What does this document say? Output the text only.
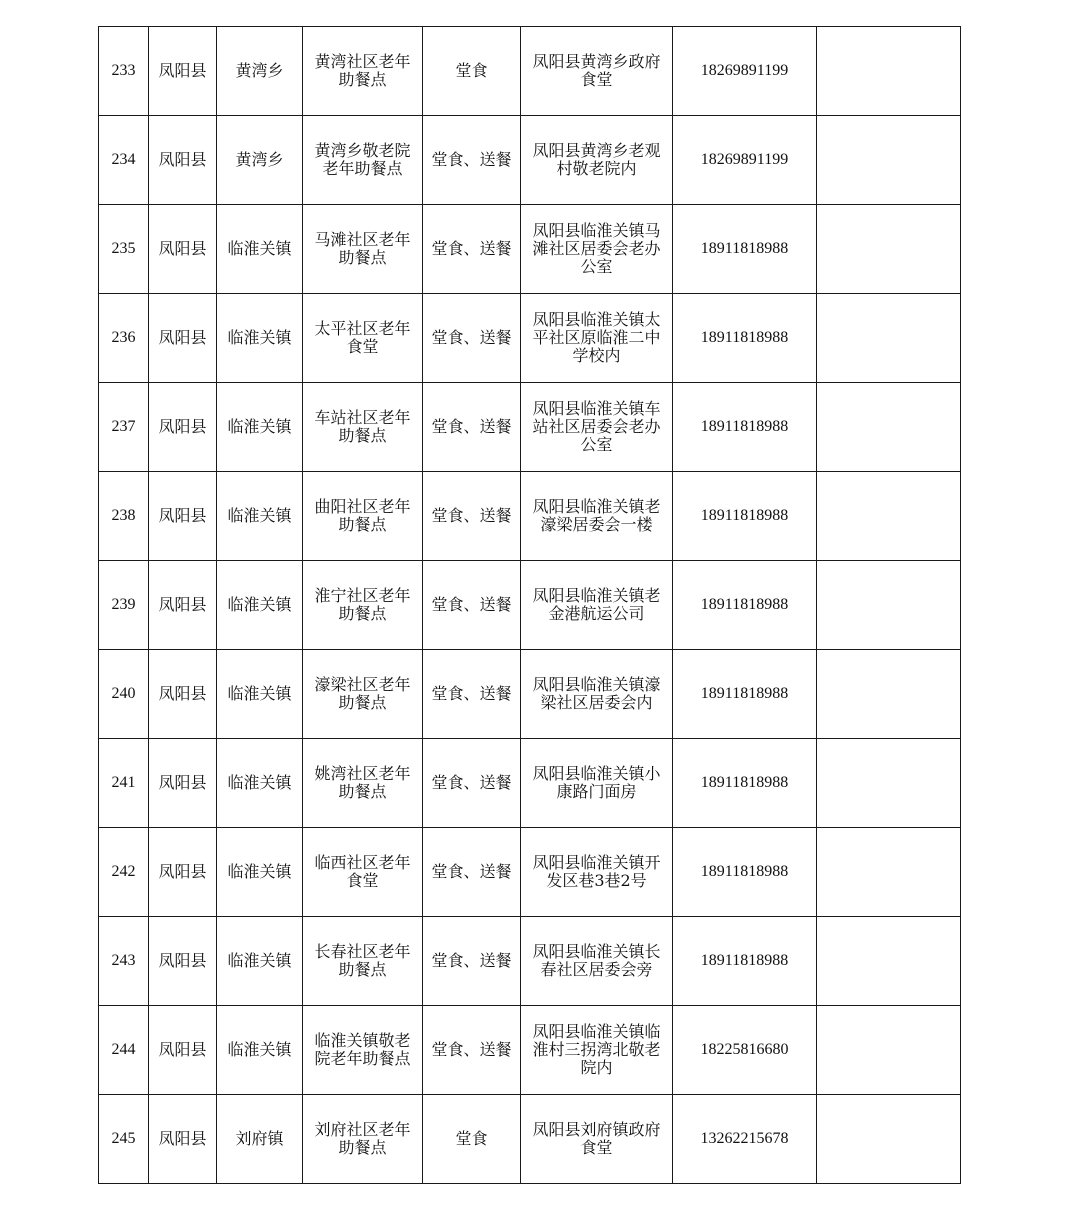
233	凤阳县	黄湾乡	黄湾社区老年助餐点	堂食	凤阳县黄湾乡政府食堂	18269891199	
234	凤阳县	黄湾乡	黄湾乡敬老院老年助餐点	堂食、送餐	凤阳县黄湾乡老观村敬老院内	18269891199	
235	凤阳县	临淮关镇	马滩社区老年助餐点	堂食、送餐	凤阳县临淮关镇马滩社区居委会老办公室	18911818988	
236	凤阳县	临淮关镇	太平社区老年食堂	堂食、送餐	凤阳县临淮关镇太平社区原临淮二中学校内	18911818988	
237	凤阳县	临淮关镇	车站社区老年助餐点	堂食、送餐	凤阳县临淮关镇车站社区居委会老办公室	18911818988	
238	凤阳县	临淮关镇	曲阳社区老年助餐点	堂食、送餐	凤阳县临淮关镇老濠梁居委会一楼	18911818988	
239	凤阳县	临淮关镇	淮宁社区老年助餐点	堂食、送餐	凤阳县临淮关镇老金港航运公司	18911818988	
240	凤阳县	临淮关镇	濠梁社区老年助餐点	堂食、送餐	凤阳县临淮关镇濠梁社区居委会内	18911818988	
241	凤阳县	临淮关镇	姚湾社区老年助餐点	堂食、送餐	凤阳县临淮关镇小康路门面房	18911818988	
242	凤阳县	临淮关镇	临西社区老年食堂	堂食、送餐	凤阳县临淮关镇开发区巷3巷2号	18911818988	
243	凤阳县	临淮关镇	长春社区老年助餐点	堂食、送餐	凤阳县临淮关镇长春社区居委会旁	18911818988	
244	凤阳县	临淮关镇	临淮关镇敬老院老年助餐点	堂食、送餐	凤阳县临淮关镇临淮村三拐湾北敬老院内	18225816680	
245	凤阳县	刘府镇	刘府社区老年助餐点	堂食	凤阳县刘府镇政府食堂	13262215678	
